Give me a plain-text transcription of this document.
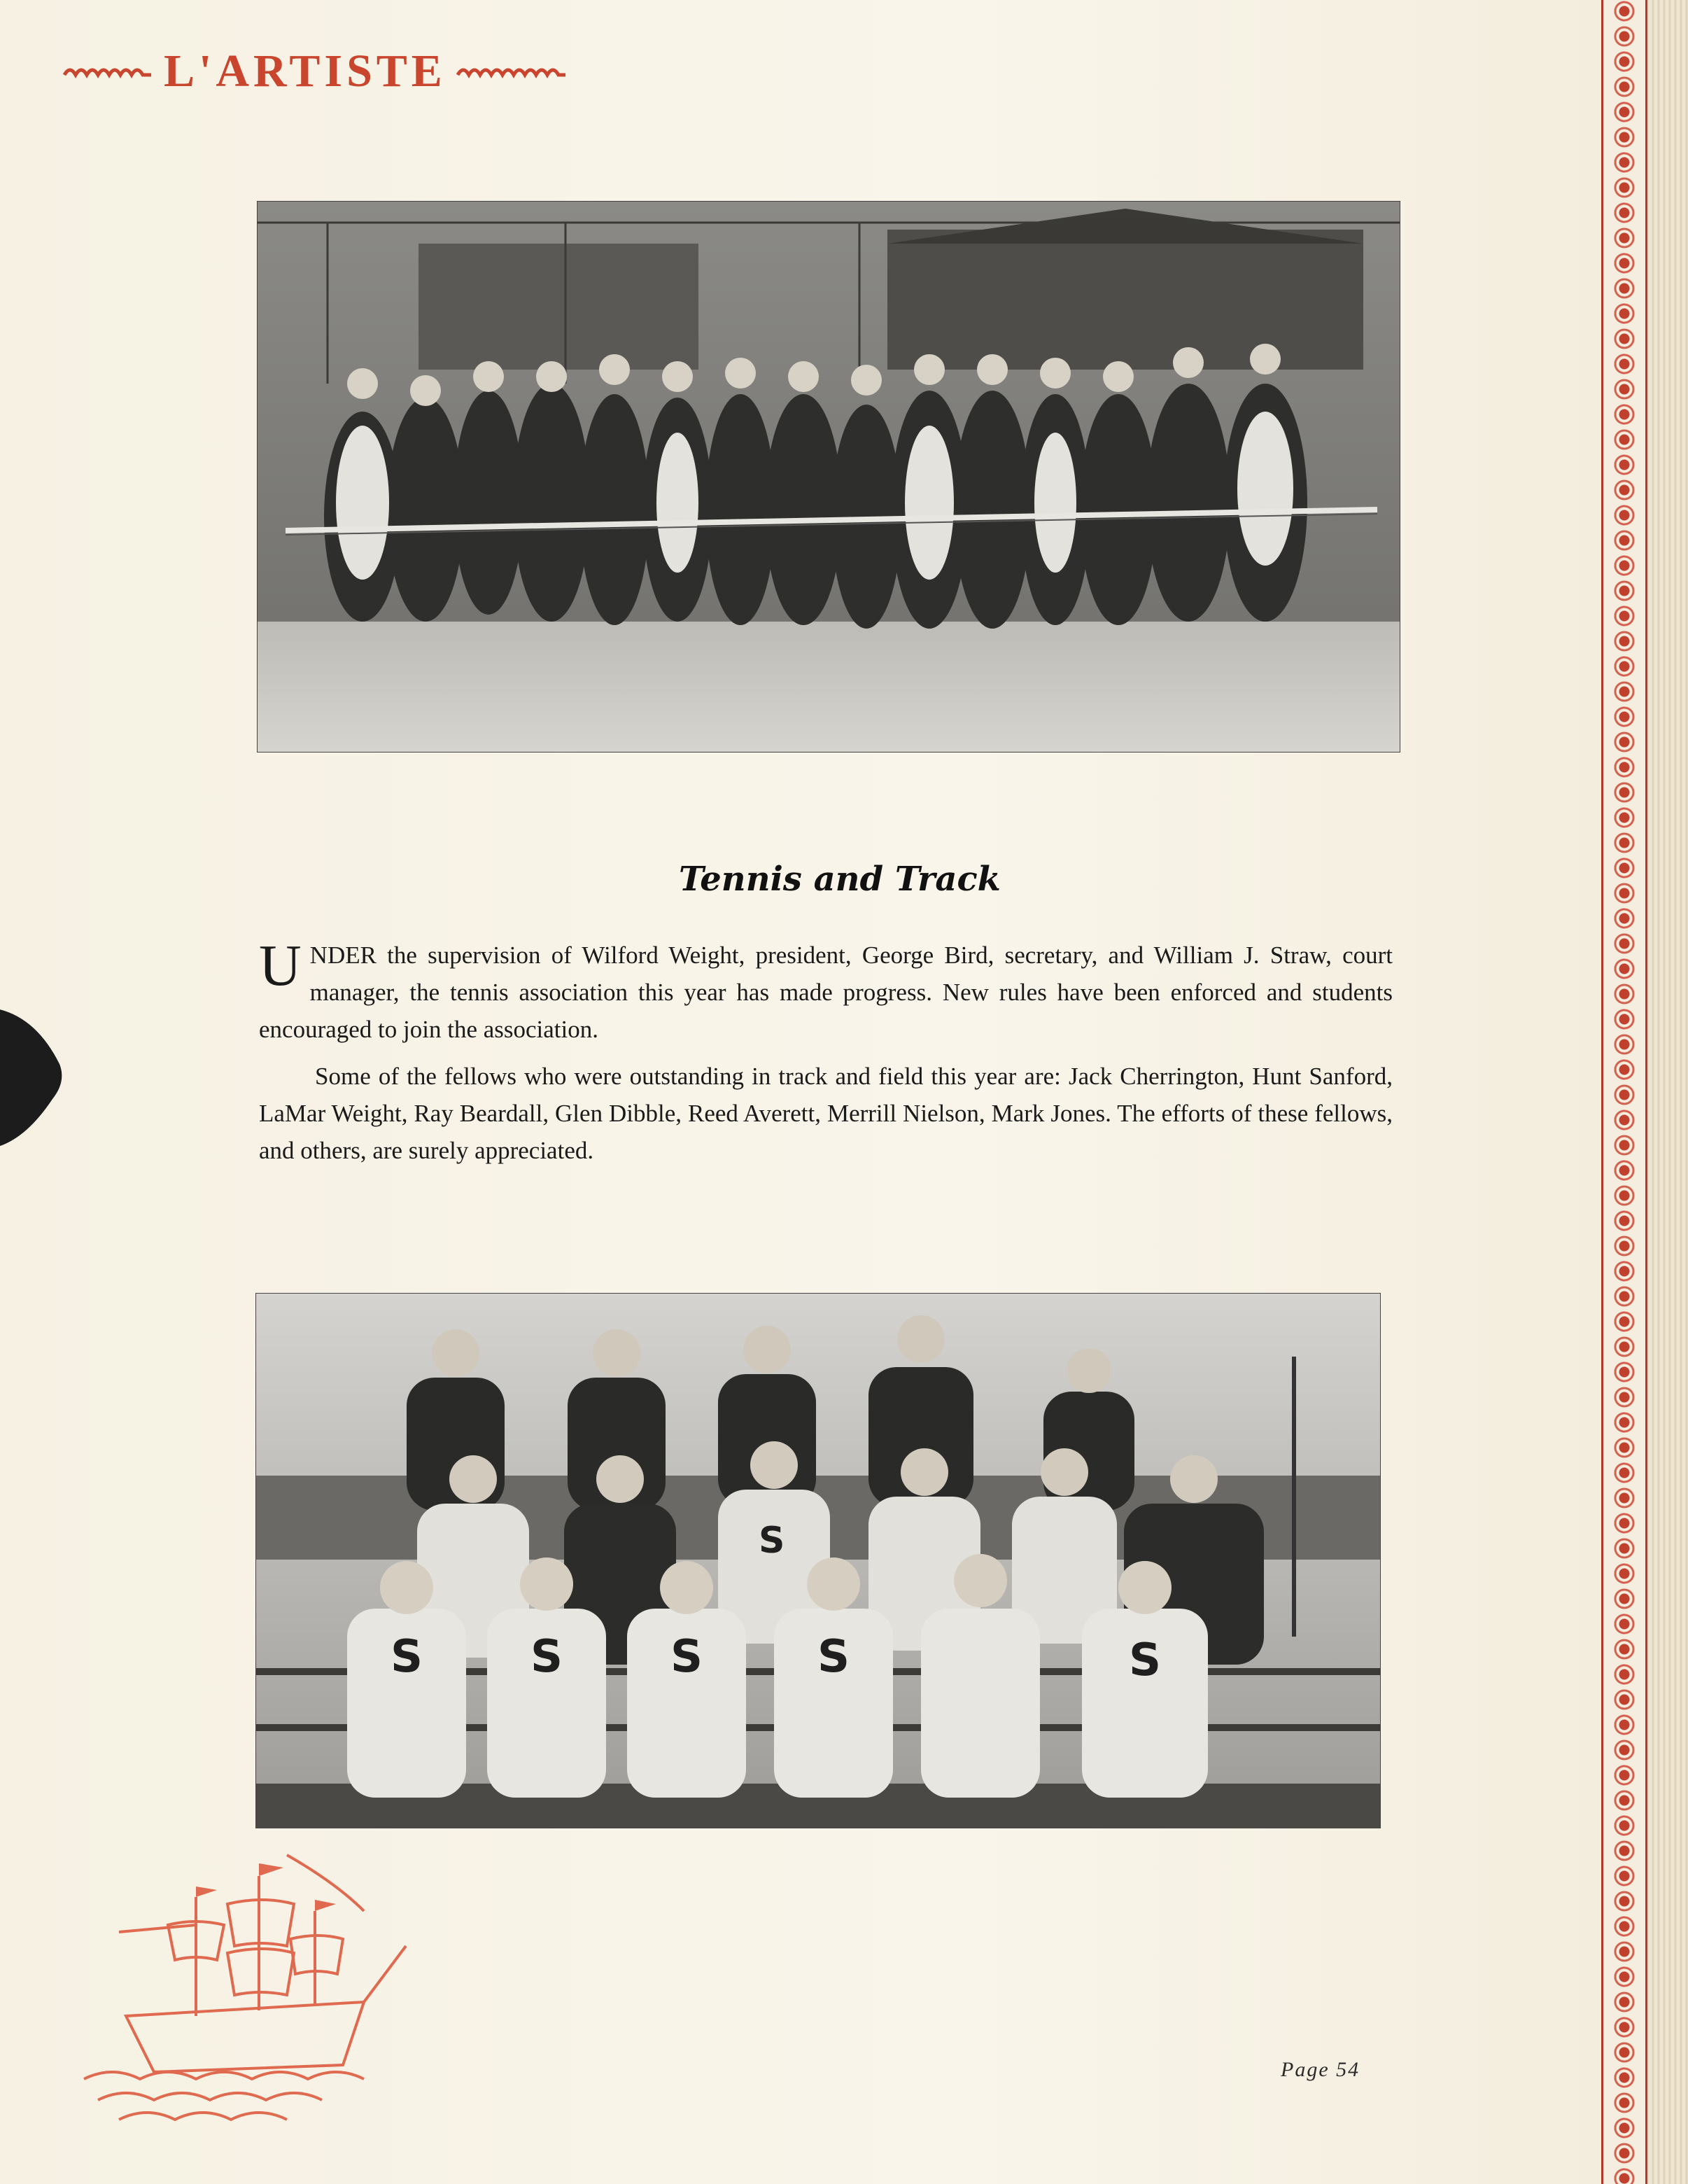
L'ARTISTE
Tennis and Track

UNDER the supervision of Wilford Weight, president, George Bird, secretary, and William J. Straw, court manager, the tennis association this year has made progress. New rules have been enforced and students encouraged to join the association.

Some of the fellows who were outstanding in track and field this year are: Jack Cherrington, Hunt Sanford, LaMar Weight, Ray Beardall, Glen Dibble, Reed Averett, Merrill Nielson, Mark Jones. The efforts of these fellows, and others, are surely appreciated.

S S S	S	S
S
Page 54
